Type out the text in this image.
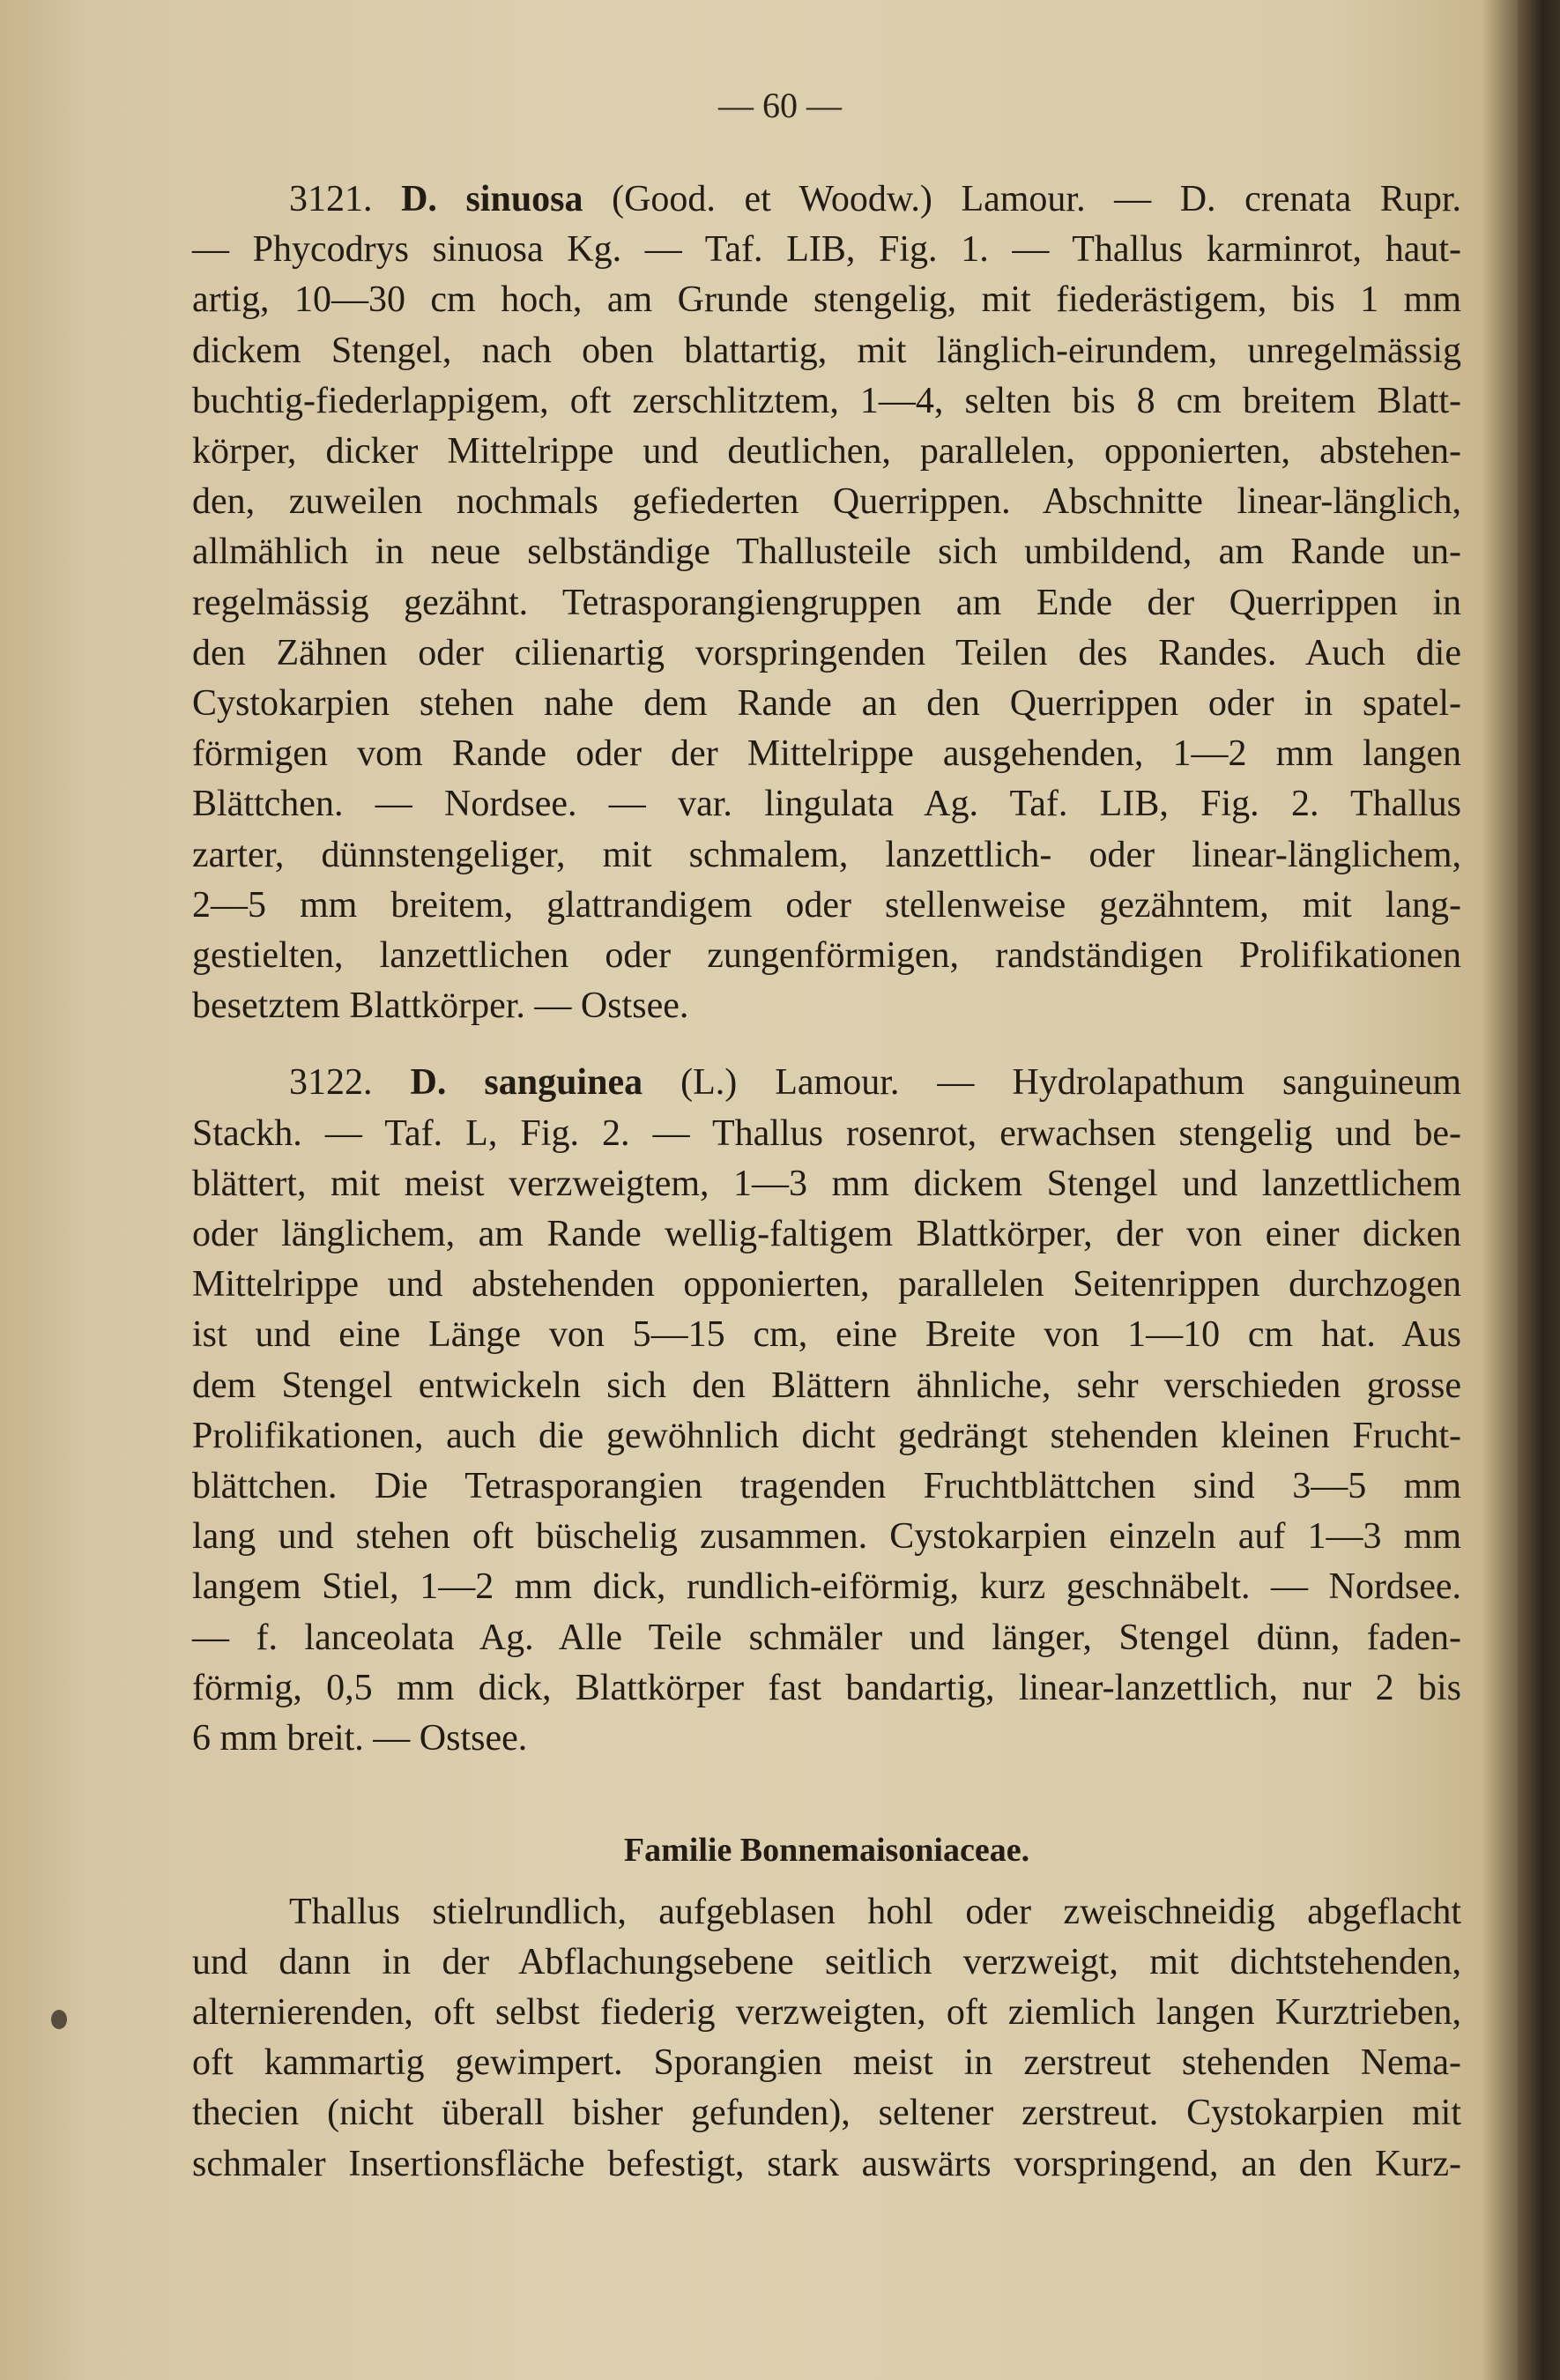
— 60 —
3121. D. sinuosa (Good. et Woodw.) Lamour. — D. crenata Rupr.
— Phycodrys sinuosa Kg. — Taf. LIB, Fig. 1. — Thallus karminrot, haut-
artig, 10—30 cm hoch, am Grunde stengelig, mit fiederästigem, bis 1 mm
dickem Stengel, nach oben blattartig, mit länglich-eirundem, unregelmässig
buchtig-fiederlappigem, oft zerschlitztem, 1—4, selten bis 8 cm breitem Blatt-
körper, dicker Mittelrippe und deutlichen, parallelen, opponierten, abstehen-
den, zuweilen nochmals gefiederten Querrippen. Abschnitte linear-länglich,
allmählich in neue selbständige Thallusteile sich umbildend, am Rande un-
regelmässig gezähnt. Tetrasporangiengruppen am Ende der Querrippen in
den Zähnen oder cilienartig vorspringenden Teilen des Randes. Auch die
Cystokarpien stehen nahe dem Rande an den Querrippen oder in spatel-
förmigen vom Rande oder der Mittelrippe ausgehenden, 1—2 mm langen
Blättchen. — Nordsee. — var. lingulata Ag. Taf. LIB, Fig. 2. Thallus
zarter, dünnstengeliger, mit schmalem, lanzettlich- oder linear-länglichem,
2—5 mm breitem, glattrandigem oder stellenweise gezähntem, mit lang-
gestielten, lanzettlichen oder zungenförmigen, randständigen Prolifikationen
besetztem Blattkörper. — Ostsee.
3122. D. sanguinea (L.) Lamour. — Hydrolapathum sanguineum
Stackh. — Taf. L, Fig. 2. — Thallus rosenrot, erwachsen stengelig und be-
blättert, mit meist verzweigtem, 1—3 mm dickem Stengel und lanzettlichem
oder länglichem, am Rande wellig-faltigem Blattkörper, der von einer dicken
Mittelrippe und abstehenden opponierten, parallelen Seitenrippen durchzogen
ist und eine Länge von 5—15 cm, eine Breite von 1—10 cm hat. Aus
dem Stengel entwickeln sich den Blättern ähnliche, sehr verschieden grosse
Prolifikationen, auch die gewöhnlich dicht gedrängt stehenden kleinen Frucht-
blättchen. Die Tetrasporangien tragenden Fruchtblättchen sind 3—5 mm
lang und stehen oft büschelig zusammen. Cystokarpien einzeln auf 1—3 mm
langem Stiel, 1—2 mm dick, rundlich-eiförmig, kurz geschnäbelt. — Nordsee.
— f. lanceolata Ag. Alle Teile schmäler und länger, Stengel dünn, faden-
förmig, 0,5 mm dick, Blattkörper fast bandartig, linear-lanzettlich, nur 2 bis
6 mm breit. — Ostsee.
Familie Bonnemaisoniaceae.
Thallus stielrundlich, aufgeblasen hohl oder zweischneidig abgeflacht
und dann in der Abflachungsebene seitlich verzweigt, mit dichtstehenden,
alternierenden, oft selbst fiederig verzweigten, oft ziemlich langen Kurztrieben,
oft kammartig gewimpert. Sporangien meist in zerstreut stehenden Nema-
thecien (nicht überall bisher gefunden), seltener zerstreut. Cystokarpien mit
schmaler Insertionsfläche befestigt, stark auswärts vorspringend, an den Kurz-
